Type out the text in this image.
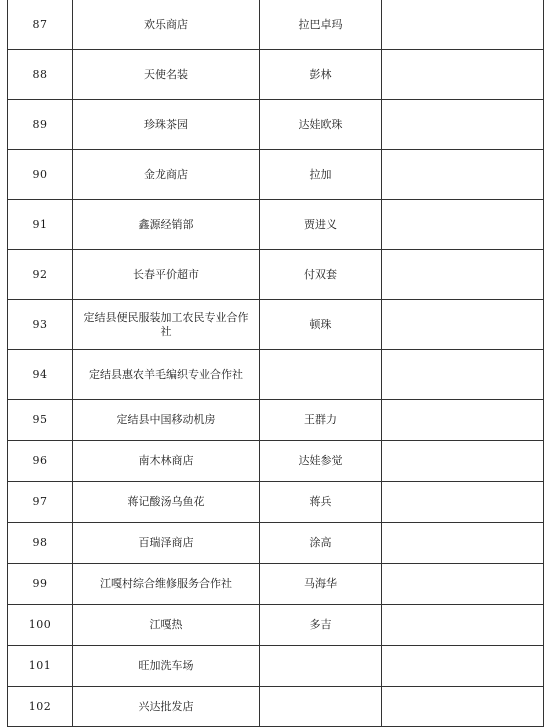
87	欢乐商店	拉巴卓玛	
88	天使名装	彭林	
89	珍珠茶园	达娃欧珠	
90	金龙商店	拉加	
91	鑫源经销部	贾进义	
92	长春平价超市	付双套	
93	定结县便民服装加工农民专业合作社	顿珠	
94	定结县惠农羊毛编织专业合作社		
95	定结县中国移动机房	王群力	
96	南木林商店	达娃参觉	
97	蒋记酸汤乌鱼花	蒋兵	
98	百瑞泽商店	涂高	
99	江嘎村综合维修服务合作社	马海华	
100	江嘎热	多吉	
101	旺加洗车场		
102	兴达批发店		
